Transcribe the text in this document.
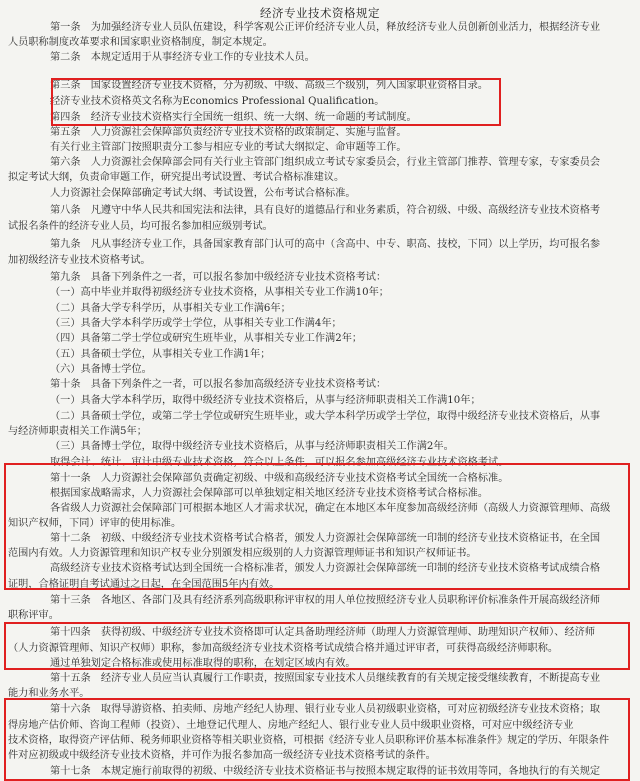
经济专业技术资格规定
第一条　为加强经济专业人员队伍建设，科学客观公正评价经济专业人员，释放经济专业人员创新创业活力，根据经济专业
人员职称制度改革要求和国家职业资格制度，制定本规定。
第二条　本规定适用于从事经济专业工作的专业技术人员。
第三条　国家设置经济专业技术资格，分为初级、中级、高级三个级别，列入国家职业资格目录。
经济专业技术资格英文名称为Economics Professional Qualification。
第四条　经济专业技术资格实行全国统一组织、统一大纲、统一命题的考试制度。
第五条　人力资源社会保障部负责经济专业技术资格的政策制定、实施与监督。
有关行业主管部门按照职责分工参与相应专业的考试大纲拟定、命审题等工作。
第六条　人力资源社会保障部会同有关行业主管部门组织成立考试专家委员会，行业主管部门推荐、管理专家，专家委员会
拟定考试大纲，负责命审题工作，研究提出考试设置、考试合格标准建议。
人力资源社会保障部确定考试大纲、考试设置，公布考试合格标准。
第八条　凡遵守中华人民共和国宪法和法律，具有良好的道德品行和业务素质，符合初级、中级、高级经济专业技术资格考
试报名条件的经济专业人员，均可报名参加相应级别考试。
第九条　凡从事经济专业工作，具备国家教育部门认可的高中（含高中、中专、职高、技校，下同）以上学历，均可报名参
加初级经济专业技术资格考试。
第九条　具备下列条件之一者，可以报名参加中级经济专业技术资格考试：
（一）高中毕业并取得初级经济专业技术资格，从事相关专业工作满10年；
（二）具备大学专科学历，从事相关专业工作满6年；
（三）具备大学本科学历或学士学位，从事相关专业工作满4年；
（四）具备第二学士学位或研究生班毕业，从事相关专业工作满2年；
（五）具备硕士学位，从事相关专业工作满1年；
（六）具备博士学位。
第十条　具备下列条件之一者，可以报名参加高级经济专业技术资格考试：
（一）具备大学本科学历，取得中级经济专业技术资格后，从事与经济师职责相关工作满10年；
（二）具备硕士学位，或第二学士学位或研究生班毕业，或大学本科学历或学士学位，取得中级经济专业技术资格后，从事
与经济师职责相关工作满5年；
（三）具备博士学位，取得中级经济专业技术资格后，从事与经济师职责相关工作满2年。
取得会计、统计、审计中级专业技术资格，符合以上条件，可以报名参加高级经济专业技术资格考试。
第十一条　人力资源社会保障部负责确定初级、中级和高级经济专业技术资格考试全国统一合格标准。
根据国家战略需求，人力资源社会保障部可以单独划定相关地区经济专业技术资格考试合格标准。
各省级人力资源社会保障部门可根据本地区人才需求状况，确定在本地区本年度参加高级经济师（高级人力资源管理师、高级
知识产权师，下同）评审的使用标准。
第十二条　初级、中级经济专业技术资格考试合格者，颁发人力资源社会保障部统一印制的经济专业技术资格证书，在全国
范围内有效。人力资源管理和知识产权专业分别颁发相应级别的人力资源管理师证书和知识产权师证书。
高级经济专业技术资格考试达到全国统一合格标准者，颁发人力资源社会保障部统一印制的经济专业技术资格考试成绩合格
证明，合格证明自考试通过之日起，在全国范围5年内有效。
第十三条　各地区、各部门及具有经济系列高级职称评审权的用人单位按照经济专业人员职称评价标准条件开展高级经济师
职称评审。
第十四条　获得初级、中级经济专业技术资格即可认定具备助理经济师（助理人力资源管理师、助理知识产权师）、经济师
（人力资源管理师、知识产权师）职称，参加高级经济专业技术资格考试成绩合格并通过评审者，可获得高级经济师职称。
通过单独划定合格标准或使用标准取得的职称，在划定区域内有效。
第十五条　经济专业人员应当认真履行工作职责，按照国家专业技术人员继续教育的有关规定接受继续教育，不断提高专业
能力和业务水平。
第十六条　取得导游资格、拍卖师、房地产经纪人协理、银行业专业人员初级职业资格，可对应初级经济专业技术资格；取
得房地产估价师、咨询工程师（投资）、土地登记代理人、房地产经纪人、银行业专业人员中级职业资格，可对应中级经济专业
技术资格，取得资产评估师、税务师职业资格等相关职业资格，可根据《经济专业人员职称评价基本标准条件》规定的学历、年限条件
件对应初级或中级经济专业技术资格，并可作为报名参加高一级经济专业技术资格考试的条件。
第十七条　本规定施行前取得的初级、中级经济专业技术资格证书与按照本规定取得的证书效用等同，各地执行的有关规定
